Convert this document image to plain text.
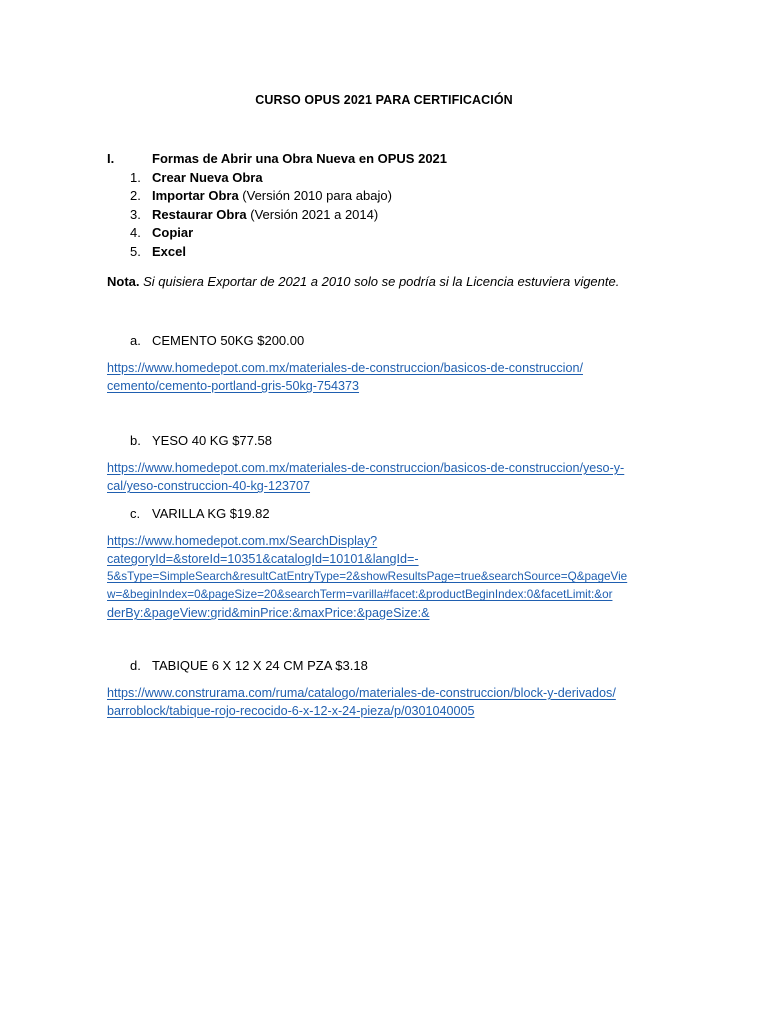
CURSO OPUS 2021 PARA CERTIFICACIÓN
I.	Formas de Abrir una Obra Nueva en OPUS 2021
1. Crear Nueva Obra
2. Importar Obra (Versión 2010 para abajo)
3. Restaurar Obra (Versión 2021 a 2014)
4. Copiar
5. Excel
Nota. Si quisiera Exportar de 2021 a 2010 solo se podría si la Licencia estuviera vigente.
a. CEMENTO 50KG $200.00
https://www.homedepot.com.mx/materiales-de-construccion/basicos-de-construccion/
cemento/cemento-portland-gris-50kg-754373
b. YESO 40 KG $77.58
https://www.homedepot.com.mx/materiales-de-construccion/basicos-de-construccion/yeso-y-
cal/yeso-construccion-40-kg-123707
c. VARILLA KG $19.82
https://www.homedepot.com.mx/SearchDisplay?
categoryId=&storeId=10351&catalogId=10101&langId=-
5&sType=SimpleSearch&resultCatEntryType=2&showResultsPage=true&searchSource=Q&pageVie
w=&beginIndex=0&pageSize=20&searchTerm=varilla#facet:&productBeginIndex:0&facetLimit:&or
derBy:&pageView:grid&minPrice:&maxPrice:&pageSize:&
d. TABIQUE 6 X 12 X 24 CM PZA $3.18
https://www.construrama.com/ruma/catalogo/materiales-de-construccion/block-y-derivados/
barroblock/tabique-rojo-recocido-6-x-12-x-24-pieza/p/0301040005
